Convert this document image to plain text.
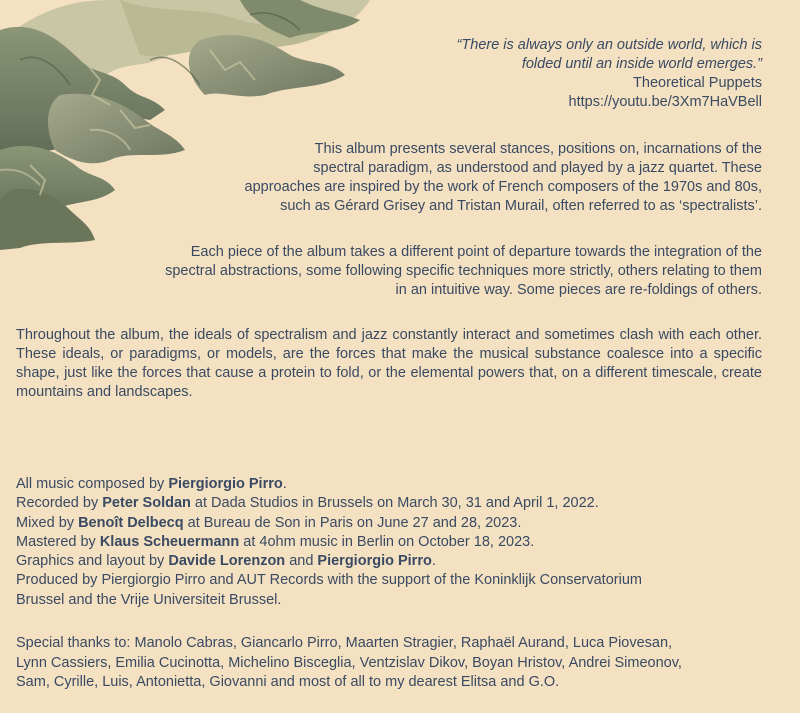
“There is always only an outside world, which is
folded until an inside world emerges.”
Theoretical Puppets
https://youtu.be/3Xm7HaVBell
This album presents several stances, positions on, incarnations of the
spectral paradigm, as understood and played by a jazz quartet. These
approaches are inspired by the work of French composers of the 1970s and 80s,
such as Gérard Grisey and Tristan Murail, often referred to as ‘spectralists’.
Each piece of the album takes a different point of departure towards the integration of the
spectral abstractions, some following specific techniques more strictly, others relating to them
in an intuitive way. Some pieces are re-foldings of others.

Throughout the album, the ideals of spectralism and jazz constantly interact and sometimes clash with each other. These ideals, or paradigms, or models, are the forces that make the musical substance coalesce into a specific shape, just like the forces that cause a protein to fold, or the elemental powers that, on a different timescale, create mountains and landscapes.

All music composed by Piergiorgio Pirro.
Recorded by Peter Soldan at Dada Studios in Brussels on March 30, 31 and April 1, 2022.
Mixed by Benoît Delbecq at Bureau de Son in Paris on June 27 and 28, 2023.
Mastered by Klaus Scheuermann at 4ohm music in Berlin on October 18, 2023.
Graphics and layout by Davide Lorenzon and Piergiorgio Pirro.
Produced by Piergiorgio Pirro and AUT Records with the support of the Koninklijk Conservatorium
Brussel and the Vrije Universiteit Brussel.
Special thanks to: Manolo Cabras, Giancarlo Pirro, Maarten Stragier, Raphaël Aurand, Luca Piovesan,
Lynn Cassiers, Emilia Cucinotta, Michelino Bisceglia, Ventzislav Dikov, Boyan Hristov, Andrei Simeonov,
Sam, Cyrille, Luis, Antonietta, Giovanni and most of all to my dearest Elitsa and G.O.
